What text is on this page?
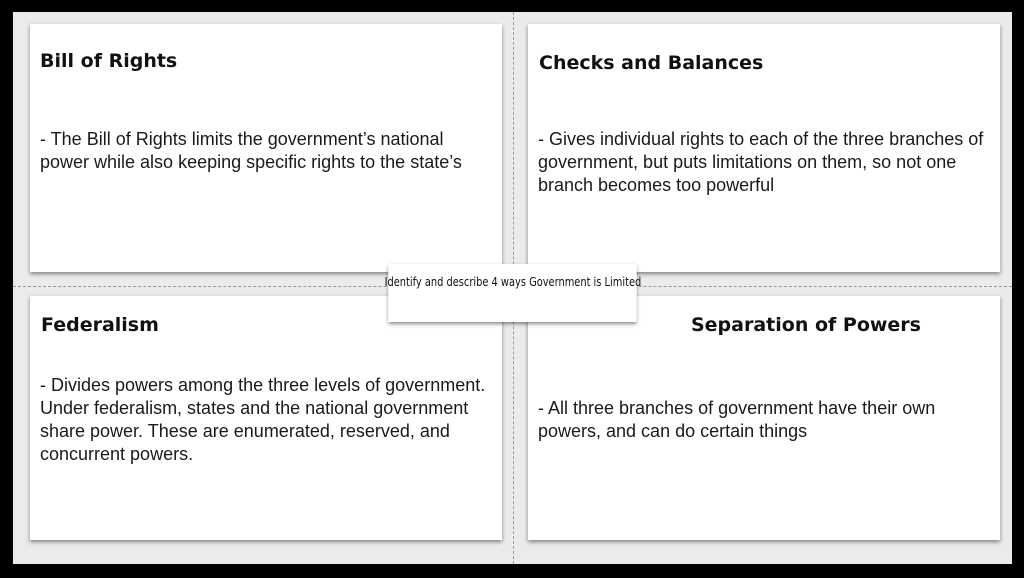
Bill of Rights

- The Bill of Rights limits the government’s national power while also keeping specific rights to the state’s

Checks and Balances

- Gives individual rights to each of the three branches of government, but puts limitations on them, so not one branch becomes too powerful

Federalism

- Divides powers among the three levels of government. Under federalism, states and the national government share power. These are enumerated, reserved, and concurrent powers.

Separation of Powers

- All three branches of government have their own powers, and can do certain things

Identify and describe 4 ways Government is Limited
